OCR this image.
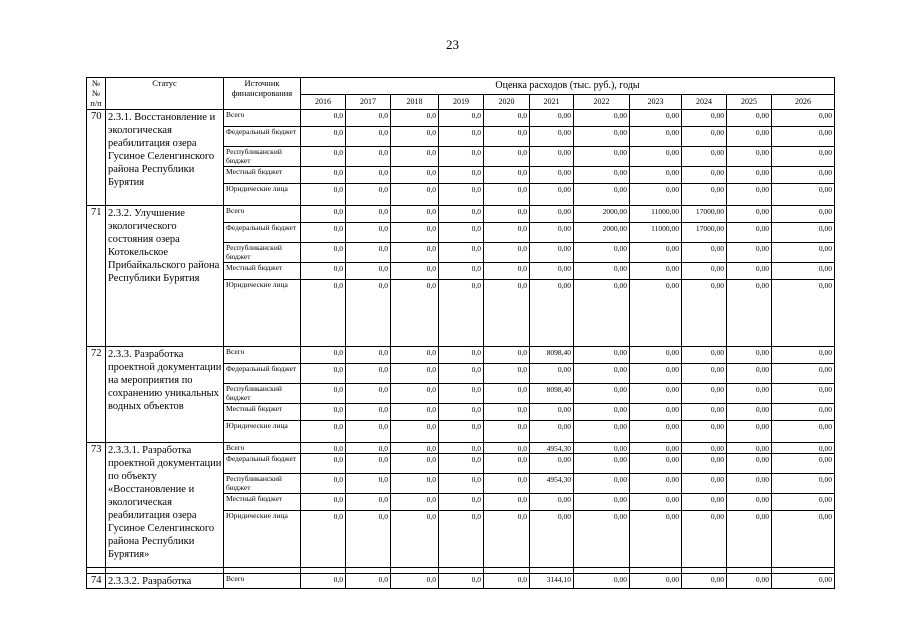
23
№
№
п/п	Статус	Источник финансирования	Оценка расходов (тыс. руб.), годы										
			2016	2017	2018	2019	2020	2021	2022	2023	2024	2025	2026
70	2.3.1. Восстановление и экологическая реабилитация озера Гусиное Селенгинского района Республики Бурятия	Всего	0,0	0,0	0,0	0,0	0,0	0,00	0,00	0,00	0,00	0,00	0,00
		Федеральный бюджет	0,0	0,0	0,0	0,0	0,0	0,00	0,00	0,00	0,00	0,00	0,00
		Республиканский бюджет	0,0	0,0	0,0	0,0	0,0	0,00	0,00	0,00	0,00	0,00	0,00
		Местный бюджет	0,0	0,0	0,0	0,0	0,0	0,00	0,00	0,00	0,00	0,00	0,00
		Юридические лица	0,0	0,0	0,0	0,0	0,0	0,00	0,00	0,00	0,00	0,00	0,00
71	2.3.2. Улучшение экологического состояния озера Котокельское Прибайкальского района Республики Бурятия	Всего	0,0	0,0	0,0	0,0	0,0	0,00	2000,00	11000,00	17000,00	0,00	0,00
		Федеральный бюджет	0,0	0,0	0,0	0,0	0,0	0,00	2000,00	11000,00	17000,00	0,00	0,00
		Республиканский бюджет	0,0	0,0	0,0	0,0	0,0	0,00	0,00	0,00	0,00	0,00	0,00
		Местный бюджет	0,0	0,0	0,0	0,0	0,0	0,00	0,00	0,00	0,00	0,00	0,00
		Юридические лица	0,0	0,0	0,0	0,0	0,0	0,00	0,00	0,00	0,00	0,00	0,00
72	2.3.3. Разработка проектной документации на мероприятия по сохранению уникальных водных объектов	Всего	0,0	0,0	0,0	0,0	0,0	8098,40	0,00	0,00	0,00	0,00	0,00
		Федеральный бюджет	0,0	0,0	0,0	0,0	0,0	0,00	0,00	0,00	0,00	0,00	0,00
		Республиканский бюджет	0,0	0,0	0,0	0,0	0,0	8098,40	0,00	0,00	0,00	0,00	0,00
		Местный бюджет	0,0	0,0	0,0	0,0	0,0	0,00	0,00	0,00	0,00	0,00	0,00
		Юридические лица	0,0	0,0	0,0	0,0	0,0	0,00	0,00	0,00	0,00	0,00	0,00
73	2.3.3.1. Разработка проектной документации по объекту «Восстановление и экологическая реабилитация озера Гусиное Селенгинского района Республики Бурятия»	Всего	0,0	0,0	0,0	0,0	0,0	4954,30	0,00	0,00	0,00	0,00	0,00
		Федеральный бюджет	0,0	0,0	0,0	0,0	0,0	0,00	0,00	0,00	0,00	0,00	0,00
		Республиканский бюджет	0,0	0,0	0,0	0,0	0,0	4954,30	0,00	0,00	0,00	0,00	0,00
		Местный бюджет	0,0	0,0	0,0	0,0	0,0	0,00	0,00	0,00	0,00	0,00	0,00
		Юридические лица	0,0	0,0	0,0	0,0	0,0	0,00	0,00	0,00	0,00	0,00	0,00
74	2.3.3.2. Разработка	Всего	0,0	0,0	0,0	0,0	0,0	3144,10	0,00	0,00	0,00	0,00	0,00
